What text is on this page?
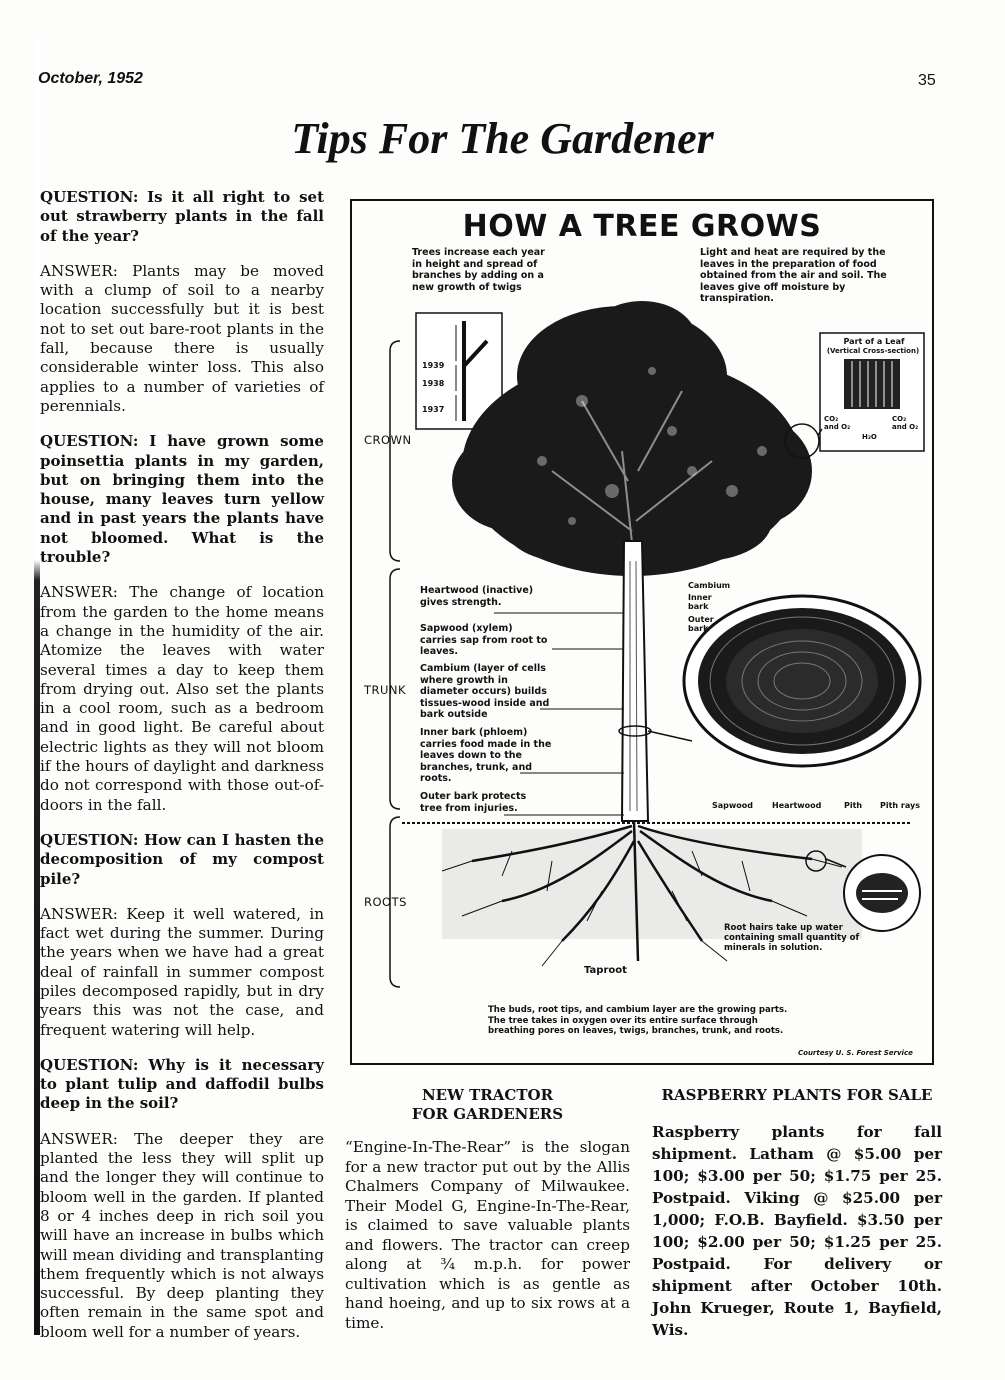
October, 1952	35
Tips For The Gardener

QUESTION: Is it all right to set out strawberry plants in the fall of the year?

ANSWER: Plants may be moved with a clump of soil to a nearby location successfully but it is best not to set out bare-root plants in the fall, because there is usually considerable winter loss. This also applies to a number of varieties of perennials.

QUESTION: I have grown some poinsettia plants in my garden, but on bringing them into the house, many leaves turn yellow and in past years the plants have not bloomed. What is the trouble?

ANSWER: The change of location from the garden to the home means a change in the humidity of the air. Atomize the leaves with water several times a day to keep them from drying out. Also set the plants in a cool room, such as a bedroom and in good light. Be careful about electric lights as they will not bloom if the hours of daylight and darkness do not correspond with those out-of-doors in the fall.

QUESTION: How can I hasten the decomposition of my compost pile?

ANSWER: Keep it well watered, in fact wet during the summer. During the years when we have had a great deal of rainfall in summer compost piles decomposed rapidly, but in dry years this was not the case, and frequent watering will help.

QUESTION: Why is it necessary to plant tulip and daffodil bulbs deep in the soil?

ANSWER: The deeper they are planted the less they will split up and the longer they will continue to bloom well in the garden. If planted 8 or 4 inches deep in rich soil you will have an increase in bulbs which will mean dividing and transplanting them frequently which is not always successful. By deep planting they often remain in the same spot and bloom well for a number of years.

HOW A TREE GROWS
Trees increase each year in height and spread of branches by adding on a new growth of twigs
Light and heat are required by the leaves in the preparation of food obtained from the air and soil. The leaves give off moisture by transpiration.
1939
1938
1937
Part of a Leaf
(Vertical Cross-section)
CO₂ and O₂
CO₂ and O₂
H₂O
CROWN
TRUNK
ROOTS
Heartwood (inactive) gives strength.
Sapwood (xylem) carries sap from root to leaves.
Cambium (layer of cells where growth in diameter occurs) builds tissues-wood inside and bark outside
Inner bark (phloem) carries food made in the leaves down to the branches, trunk, and roots.
Outer bark protects tree from injuries.
Cambium
Inner bark
Outer bark
Sapwood Heartwood	Pith Pith rays
Root hairs take up water containing small quantity of minerals in solution.
Taproot
The buds, root tips, and cambium layer are the growing parts. The tree takes in oxygen over its entire surface through breathing pores on leaves, twigs, branches, trunk, and roots.
Courtesy U. S. Forest Service
NEW TRACTOR
FOR GARDENERS

“Engine-In-The-Rear” is the slogan for a new tractor put out by the Allis Chalmers Company of Milwaukee. Their Model G, Engine-In-The-Rear, is claimed to save valuable plants and flowers. The tractor can creep along at ¾ m.p.h. for power cultivation which is as gentle as hand hoeing, and up to six rows at a time.

RASPBERRY PLANTS FOR SALE

Raspberry plants for fall shipment. Latham @ $5.00 per 100; $3.00 per 50; $1.75 per 25. Postpaid. Viking @ $25.00 per 1,000; F.O.B. Bayfield. $3.50 per 100; $2.00 per 50; $1.25 per 25. Postpaid. For delivery or shipment after October 10th. John Krueger, Route 1, Bayfield, Wis.
